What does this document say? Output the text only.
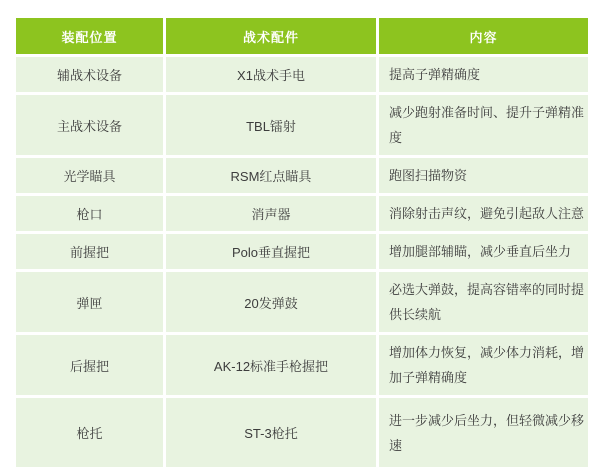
装配位置	战术配件	内容
辅战术设备	X1战术手电	提高子弹精确度
主战术设备	TBL镭射	减少跑射准备时间、提升子弹精准度
光学瞄具	RSM红点瞄具	跑图扫描物资
枪口	消声器	消除射击声纹，避免引起敌人注意
前握把	Polo垂直握把	增加腿部辅瞄，减少垂直后坐力
弹匣	20发弹鼓	必选大弹鼓，提高容错率的同时提供长续航
后握把	AK-12标准手枪握把	增加体力恢复，减少体力消耗，增加子弹精确度
枪托	ST-3枪托	进一步减少后坐力，但轻微减少移速
